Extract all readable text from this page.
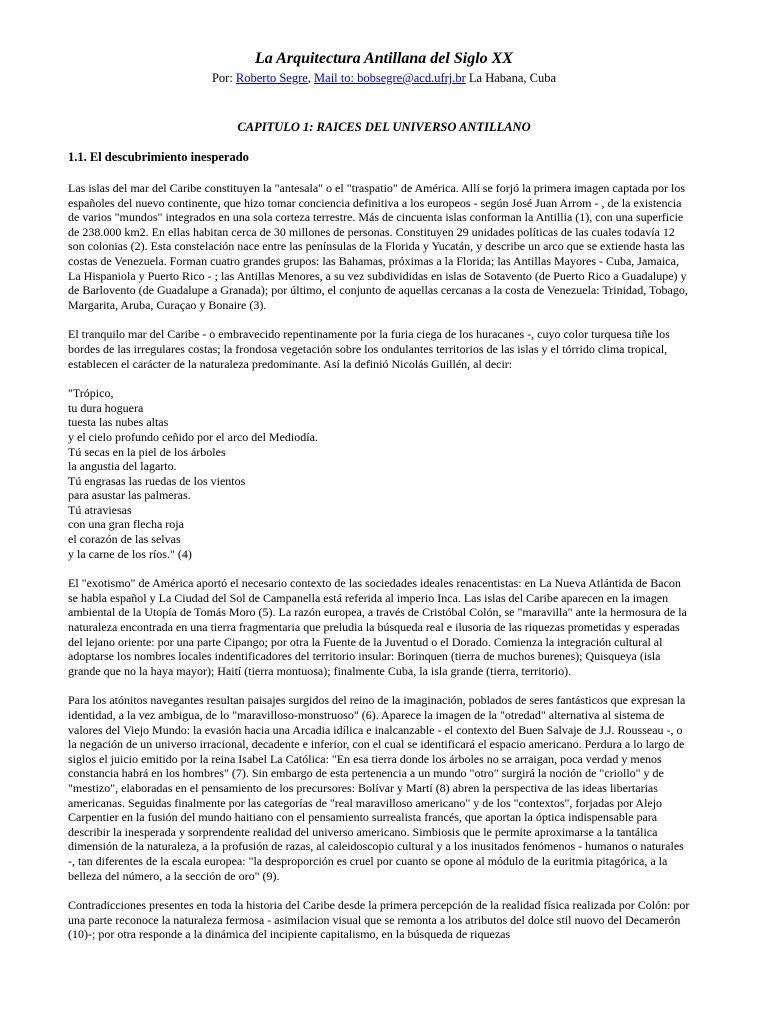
La Arquitectura Antillana del Siglo XX
Por: Roberto Segre, Mail to: bobsegre@acd.ufrj.br La Habana, Cuba
CAPITULO 1: RAICES DEL UNIVERSO ANTILLANO
1.1. El descubrimiento inesperado

Las islas del mar del Caribe constituyen la "antesala" o el "traspatio" de América. Allí se forjó la primera imagen captada por los españoles del nuevo continente, que hizo tomar conciencia definitiva a los europeos - según José Juan Arrom - , de la existencia de varios "mundos" integrados en una sola corteza terrestre. Más de cincuenta islas conforman la Antillia (1), con una superficie de 238.000 km2. En ellas habitan cerca de 30 millones de personas. Constituyen 29 unidades políticas de las cuales todavía 12 son colonias (2). Esta constelación nace entre las penínsulas de la Florida y Yucatán, y describe un arco que se extiende hasta las costas de Venezuela. Forman cuatro grandes grupos: las Bahamas, próximas a la Florida; las Antillas Mayores - Cuba, Jamaica, La Hispaniola y Puerto Rico - ; las Antillas Menores, a su vez subdivididas en islas de Sotavento (de Puerto Rico a Guadalupe) y de Barlovento (de Guadalupe a Granada); por último, el conjunto de aquellas cercanas a la costa de Venezuela: Trinidad, Tobago, Margarita, Aruba, Curaçao y Bonaire (3).

El tranquilo mar del Caribe - o embravecido repentinamente por la furia ciega de los huracanes -, cuyo color turquesa tiñe los bordes de las irregulares costas; la frondosa vegetación sobre los ondulantes territorios de las islas y el tórrido clima tropical, establecen el carácter de la naturaleza predominante. Así la definió Nicolás Guillén, al decir:

"Trópico,
tu dura hoguera
tuesta las nubes altas
y el cielo profundo ceñido por el arco del Mediodía.
Tú secas en la piel de los árboles
la angustia del lagarto.
Tú engrasas las ruedas de los vientos
para asustar las palmeras.
Tú atraviesas
con una gran flecha roja
el corazón de las selvas
y la carne de los ríos." (4)

El "exotismo" de América aportó el necesario contexto de las sociedades ideales renacentistas: en La Nueva Atlántida de Bacon se habla español y La Ciudad del Sol de Campanella está referida al imperio Inca. Las islas del Caribe aparecen en la imagen ambiental de la Utopía de Tomás Moro (5). La razón europea, a través de Cristóbal Colón, se "maravilla" ante la hermosura de la naturaleza encontrada en una tierra fragmentaria que preludia la búsqueda real e ilusoria de las riquezas prometidas y esperadas del lejano oriente: por una parte Cipango; por otra la Fuente de la Juventud o el Dorado. Comienza la integración cultural al adoptarse los nombres locales indentificadores del territorio insular: Borinquen (tierra de muchos burenes); Quisqueya (isla grande que no la haya mayor); Haití (tierra montuosa); finalmente Cuba, la isla grande (tierra, territorio).

Para los atónitos navegantes resultan paisajes surgidos del reino de la imaginación, poblados de seres fantásticos que expresan la identidad, a la vez ambigua, de lo "maravilloso-monstruoso" (6). Aparece la imagen de la "otredad" alternativa al sistema de valores del Viejo Mundo: la evasión hacia una Arcadia idílica e inalcanzable - el contexto del Buen Salvaje de J.J. Rousseau -, o la negación de un universo irracional, decadente e inferior, con el cual se identificará el espacio americano. Perdura a lo largo de siglos el juicio emitido por la reina Isabel La Católica: "En esa tierra donde los árboles no se arraigan, poca verdad y menos constancia habrá en los hombres" (7). Sin embargo de esta pertenencia a un mundo "otro" surgirá la noción de "criollo" y de "mestizo", elaboradas en el pensamiento de los precursores: Bolívar y Martí (8) abren la perspectiva de las ideas libertarias americanas. Seguidas finalmente por las categorías de "real maravilloso americano" y de los "contextos", forjadas por Alejo Carpentier en la fusión del mundo haitiano con el pensamiento surrealista francés, que aportan la óptica indispensable para describir la inesperada y sorprendente realidad del universo americano. Simbiosis que le permite aproximarse a la tantálica dimensión de la naturaleza, a la profusión de razas, al caleidoscopio cultural y a los inusitados fenómenos - humanos o naturales -, tan diferentes de la escala europea: "la desproporción es cruel por cuanto se opone al módulo de la euritmia pitagórica, a la belleza del número, a la sección de oro" (9).

Contradicciones presentes en toda la historia del Caribe desde la primera percepción de la realidad física realizada por Colón: por una parte reconoce la naturaleza fermosa - asimilacion visual que se remonta a los atributos del dolce stil nuovo del Decamerón (10)-; por otra responde a la dinámica del incipiente capitalismo, en la búsqueda de riquezas
